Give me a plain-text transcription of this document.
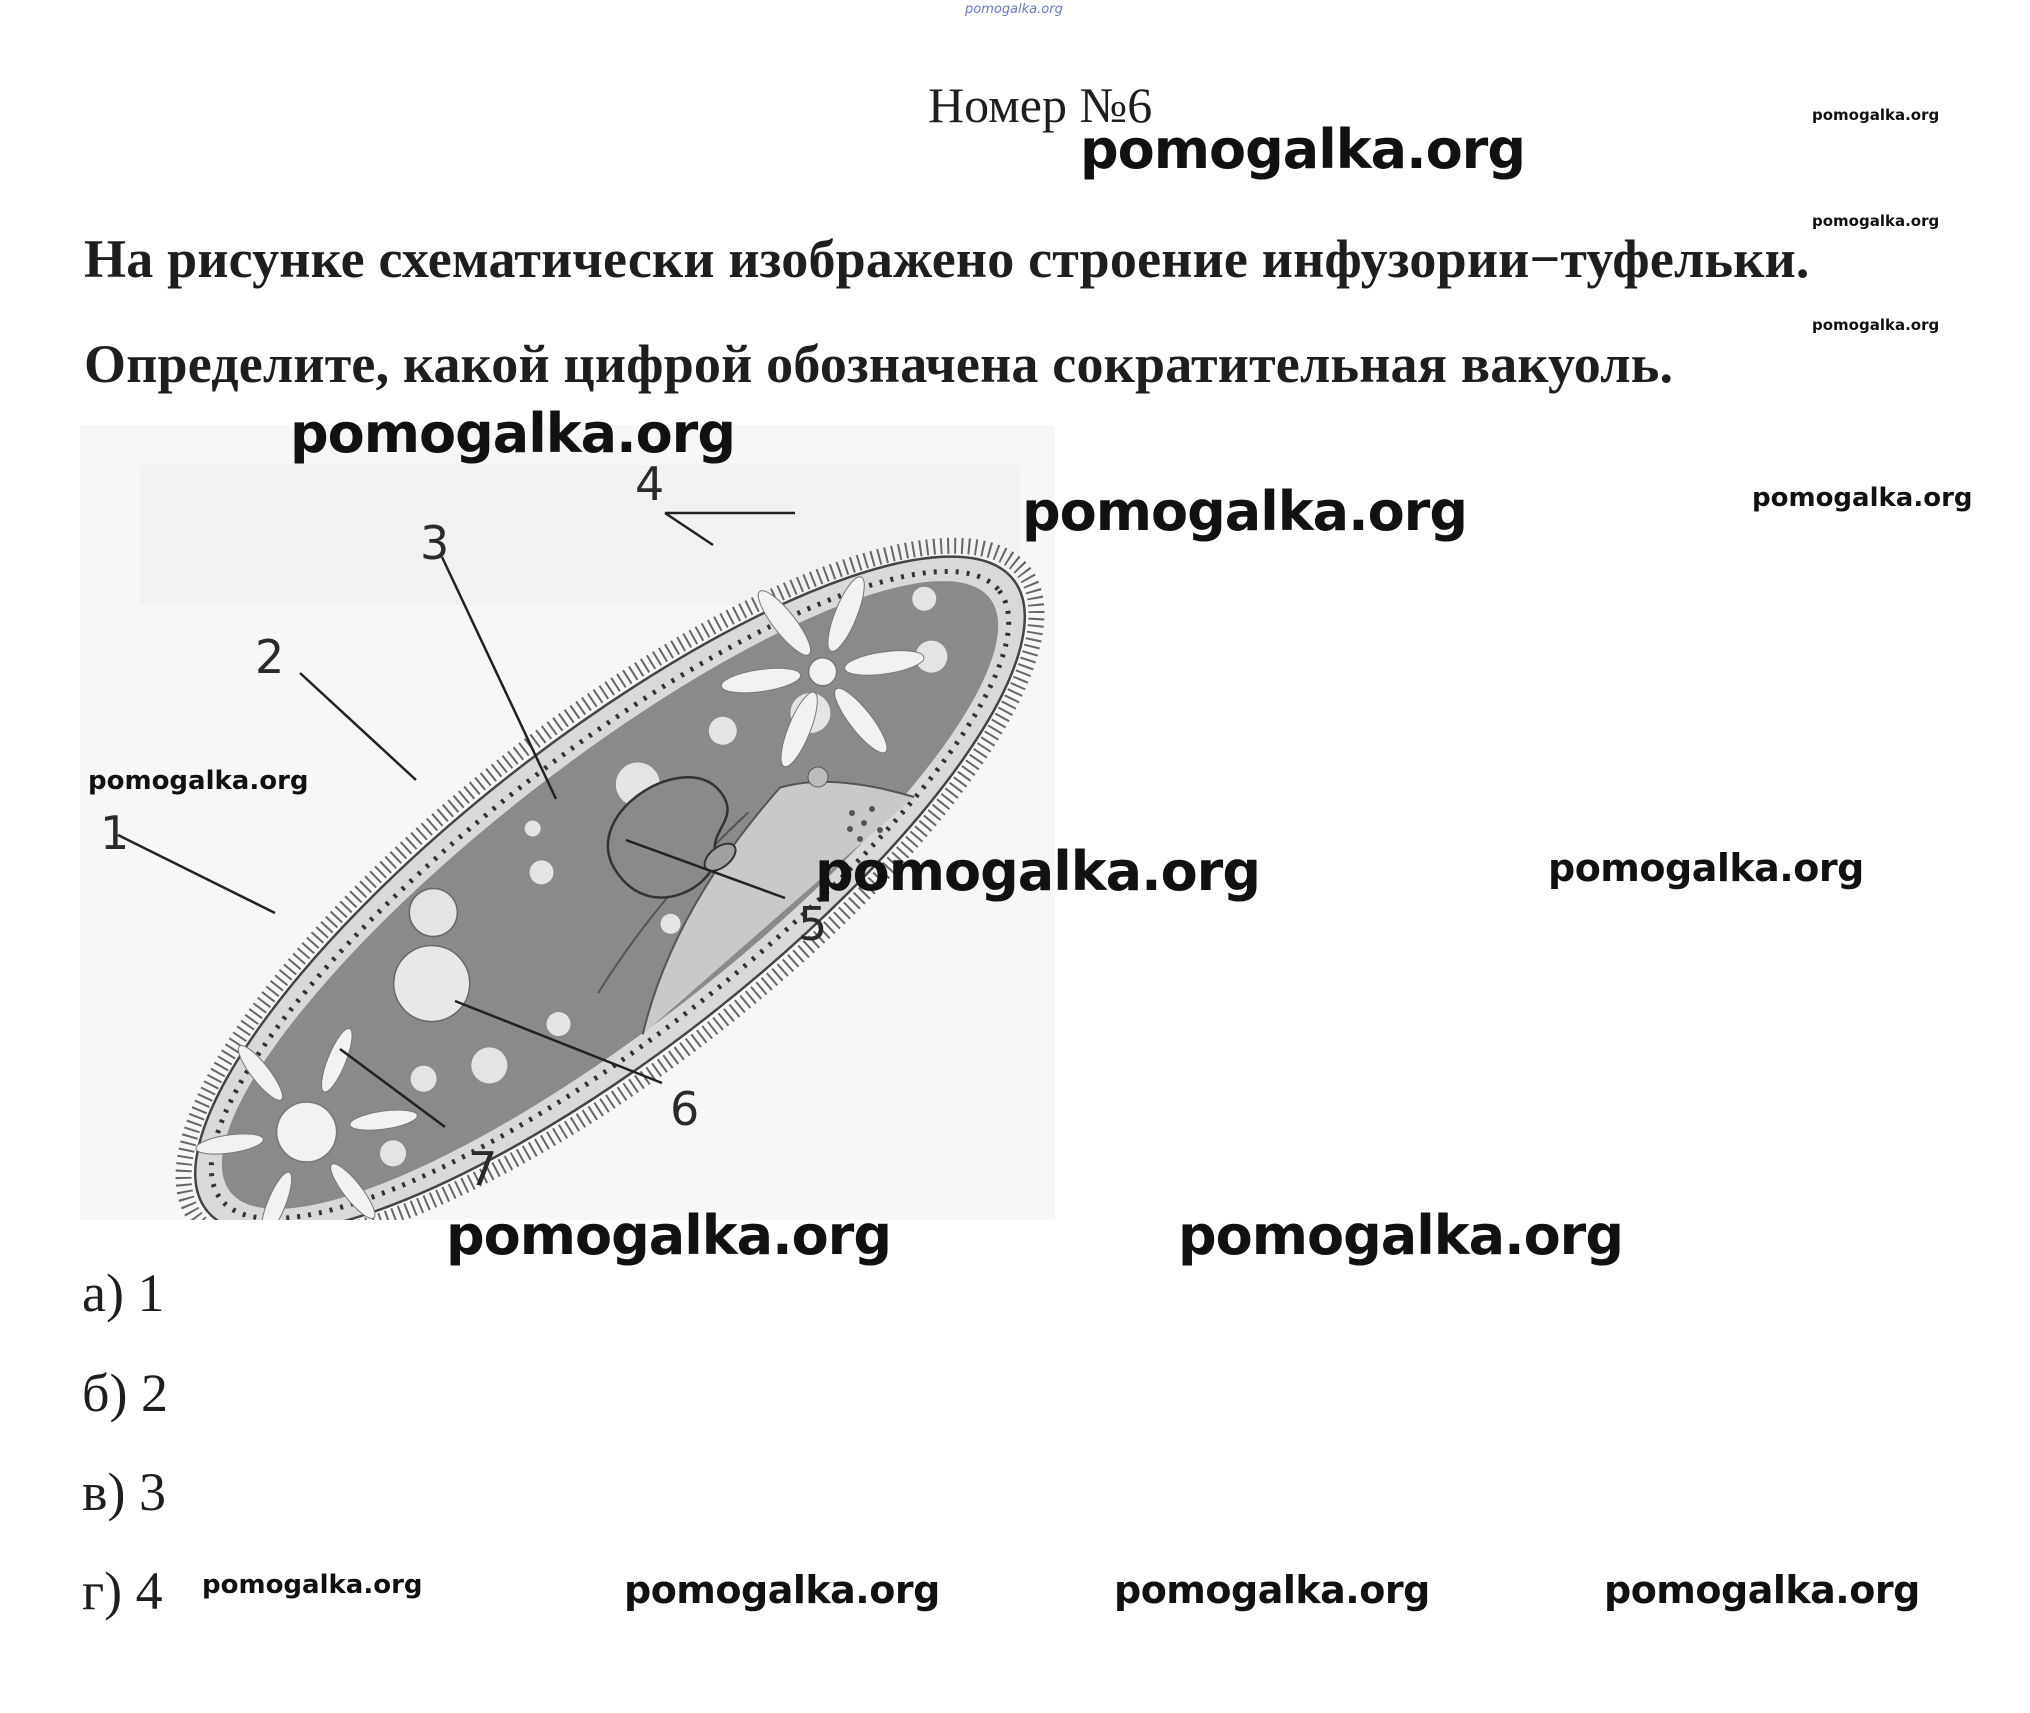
pomogalka.org
Номер №6
На рисунке схематически изображено строение инфузории−туфельки.
Определите, какой цифрой обозначена сократительная вакуоль.
1
2
3
4
5
6
7
а) 1
б) 2
в) 3
г) 4
pomogalka.org
pomogalka.org
pomogalka.org
pomogalka.org
pomogalka.org
pomogalka.org	pomogalka.org
pomogalka.org
pomogalka.org	pomogalka.org
pomogalka.org	pomogalka.org
pomogalka.org	pomogalka.org	pomogalka.org	pomogalka.org
